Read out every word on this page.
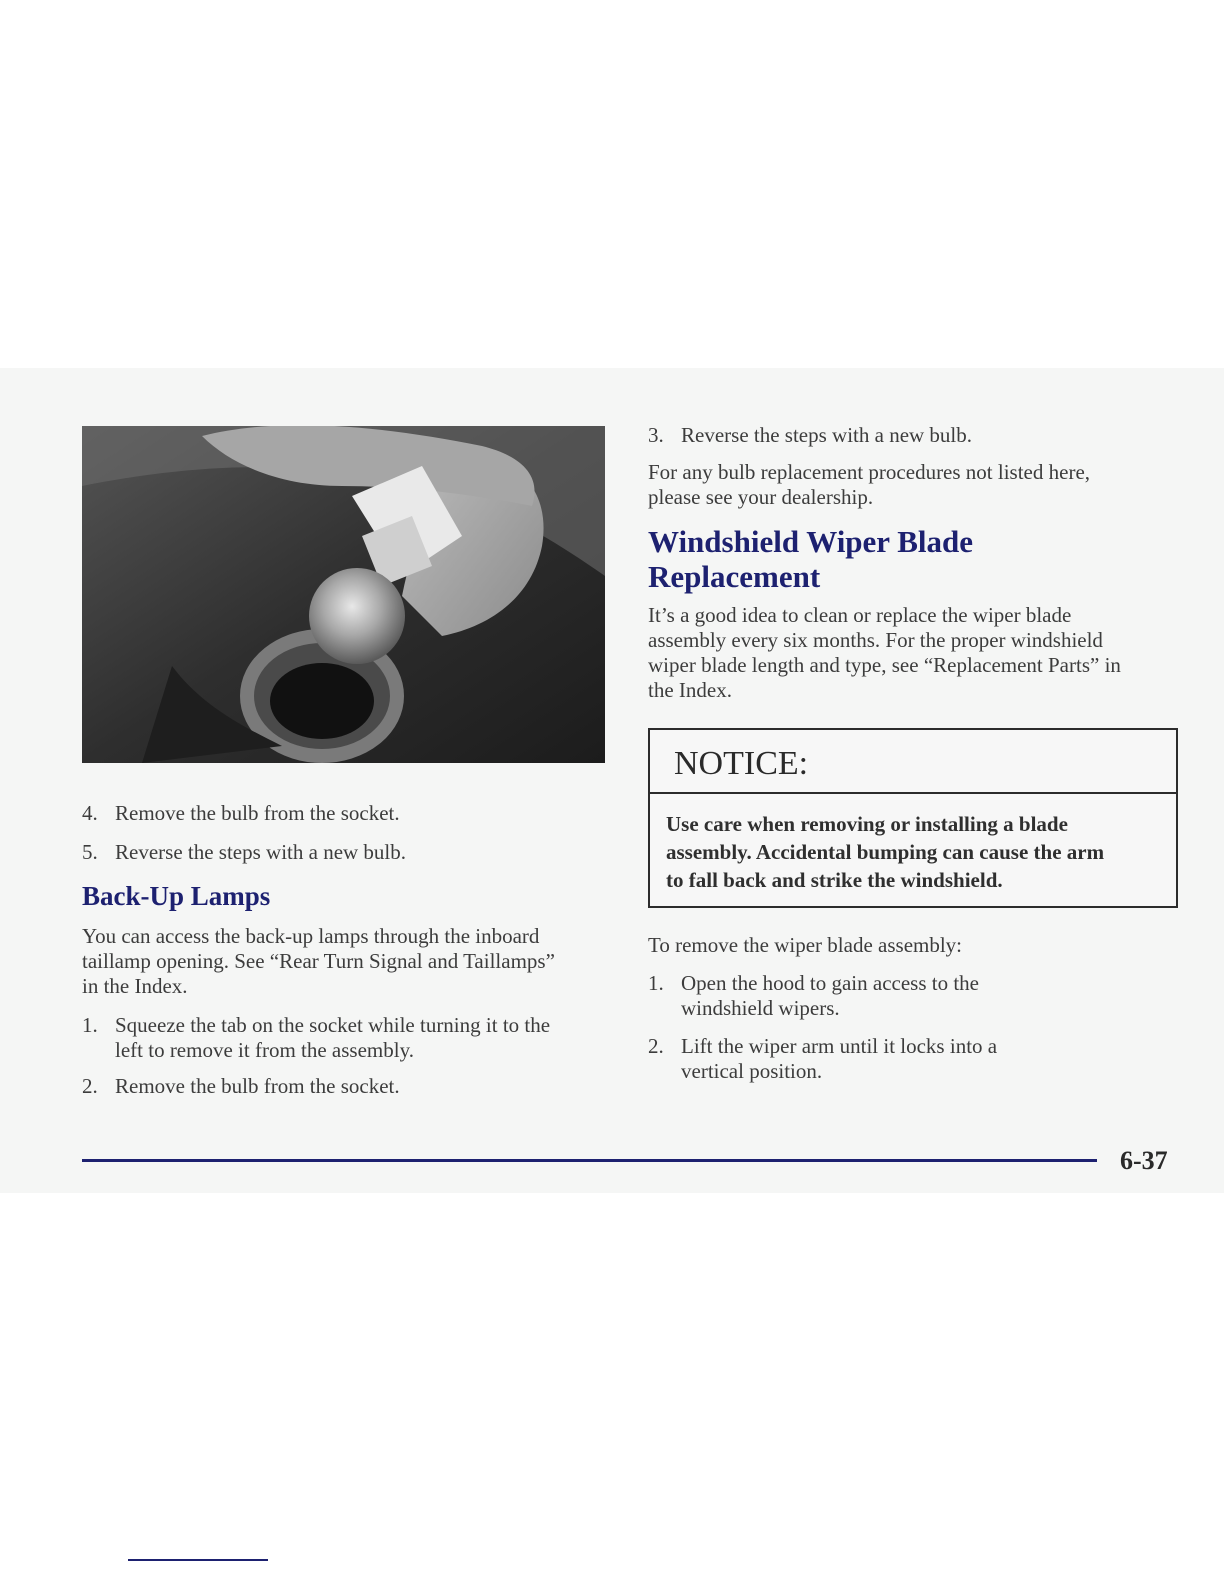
4. Remove the bulb from the socket.
5. Reverse the steps with a new bulb.
Back-Up Lamps
You can access the back-up lamps through the inboard
taillamp opening. See “Rear Turn Signal and Taillamps”
in the Index.
1. Squeeze the tab on the socket while turning it to the
left to remove it from the assembly.
2. Remove the bulb from the socket.
3. Reverse the steps with a new bulb.
For any bulb replacement procedures not listed here,
please see your dealership.
Windshield Wiper Blade
Replacement
It’s a good idea to clean or replace the wiper blade
assembly every six months. For the proper windshield
wiper blade length and type, see “Replacement Parts” in
the Index.
NOTICE:
Use care when removing or installing a blade
assembly. Accidental bumping can cause the arm
to fall back and strike the windshield.
To remove the wiper blade assembly:
1. Open the hood to gain access to the
windshield wipers.
2. Lift the wiper arm until it locks into a
vertical position.
6-37
